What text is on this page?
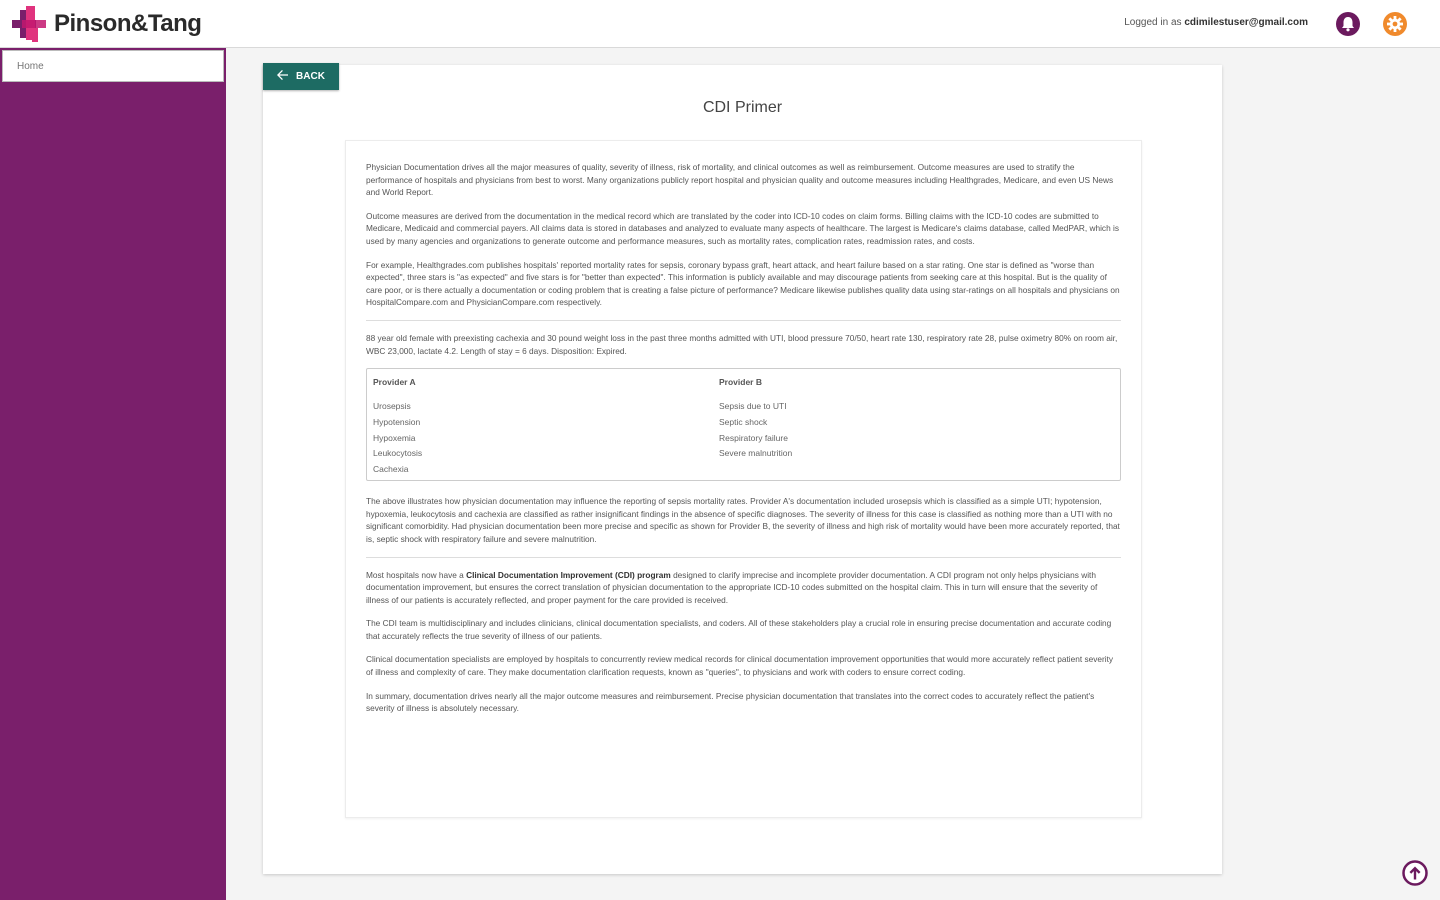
Pinson&Tang	Logged in as cdimilestuser@gmail.com
Home
BACK
CDI Primer

Physician Documentation drives all the major measures of quality, severity of illness, risk of mortality, and clinical outcomes as well as reimbursement. Outcome measures are used to stratify the performance of hospitals and physicians from best to worst. Many organizations publicly report hospital and physician quality and outcome measures including Healthgrades, Medicare, and even US News and World Report.

Outcome measures are derived from the documentation in the medical record which are translated by the coder into ICD-10 codes on claim forms. Billing claims with the ICD-10 codes are submitted to Medicare, Medicaid and commercial payers. All claims data is stored in databases and analyzed to evaluate many aspects of healthcare. The largest is Medicare's claims database, called MedPAR, which is used by many agencies and organizations to generate outcome and performance measures, such as mortality rates, complication rates, readmission rates, and costs.

For example, Healthgrades.com publishes hospitals' reported mortality rates for sepsis, coronary bypass graft, heart attack, and heart failure based on a star rating. One star is defined as "worse than expected", three stars is "as expected" and five stars is for "better than expected". This information is publicly available and may discourage patients from seeking care at this hospital. But is the quality of care poor, or is there actually a documentation or coding problem that is creating a false picture of performance? Medicare likewise publishes quality data using star-ratings on all hospitals and physicians on HospitalCompare.com and PhysicianCompare.com respectively.

88 year old female with preexisting cachexia and 30 pound weight loss in the past three months admitted with UTI, blood pressure 70/50, heart rate 130, respiratory rate 28, pulse oximetry 80% on room air, WBC 23,000, lactate 4.2. Length of stay = 6 days. Disposition: Expired.

Provider A
Urosepsis
Hypotension
Hypoxemia
Leukocytosis
Cachexia
Provider B
Sepsis due to UTI
Septic shock
Respiratory failure
Severe malnutrition

The above illustrates how physician documentation may influence the reporting of sepsis mortality rates. Provider A's documentation included urosepsis which is classified as a simple UTI; hypotension, hypoxemia, leukocytosis and cachexia are classified as rather insignificant findings in the absence of specific diagnoses. The severity of illness for this case is classified as nothing more than a UTI with no significant comorbidity. Had physician documentation been more precise and specific as shown for Provider B, the severity of illness and high risk of mortality would have been more accurately reported, that is, septic shock with respiratory failure and severe malnutrition.

Most hospitals now have a Clinical Documentation Improvement (CDI) program designed to clarify imprecise and incomplete provider documentation. A CDI program not only helps physicians with documentation improvement, but ensures the correct translation of physician documentation to the appropriate ICD-10 codes submitted on the hospital claim. This in turn will ensure that the severity of illness of our patients is accurately reflected, and proper payment for the care provided is received.

The CDI team is multidisciplinary and includes clinicians, clinical documentation specialists, and coders. All of these stakeholders play a crucial role in ensuring precise documentation and accurate coding that accurately reflects the true severity of illness of our patients.

Clinical documentation specialists are employed by hospitals to concurrently review medical records for clinical documentation improvement opportunities that would more accurately reflect patient severity of illness and complexity of care. They make documentation clarification requests, known as "queries", to physicians and work with coders to ensure correct coding.

In summary, documentation drives nearly all the major outcome measures and reimbursement. Precise physician documentation that translates into the correct codes to accurately reflect the patient's severity of illness is absolutely necessary.
